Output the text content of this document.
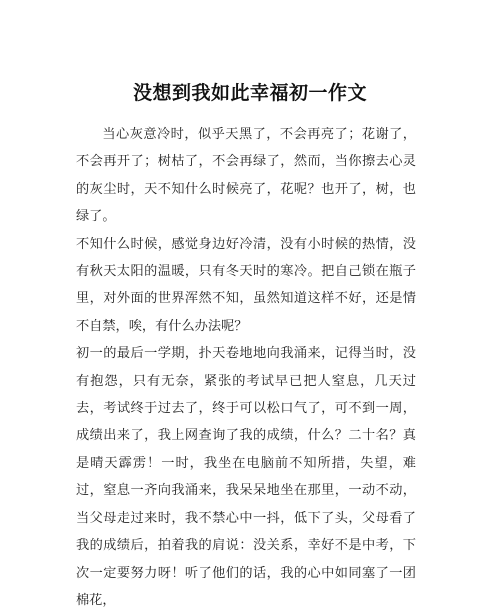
没想到我如此幸福初一作文

当心灰意冷时，似乎天黑了，不会再亮了；花谢了，不会再开了；树枯了，不会再绿了，然而，当你擦去心灵的灰尘时，天不知什么时候亮了，花呢？也开了，树，也绿了。

不知什么时候，感觉身边好冷清，没有小时候的热情，没有秋天太阳的温暖，只有冬天时的寒冷。把自己锁在瓶子里，对外面的世界浑然不知，虽然知道这样不好，还是情不自禁，唉，有什么办法呢？

初一的最后一学期，扑天卷地地向我涌来，记得当时，没有抱怨，只有无奈，紧张的考试早已把人窒息，几天过去，考试终于过去了，终于可以松口气了，可不到一周，成绩出来了，我上网查询了我的成绩，什么？二十名？真是晴天霹雳！一时，我坐在电脑前不知所措，失望，难过，窒息一齐向我涌来，我呆呆地坐在那里，一动不动，当父母走过来时，我不禁心中一抖，低下了头，父母看了我的成绩后，拍着我的肩说：没关系，幸好不是中考，下次一定要努力呀！听了他们的话，我的心中如同塞了一团棉花，
